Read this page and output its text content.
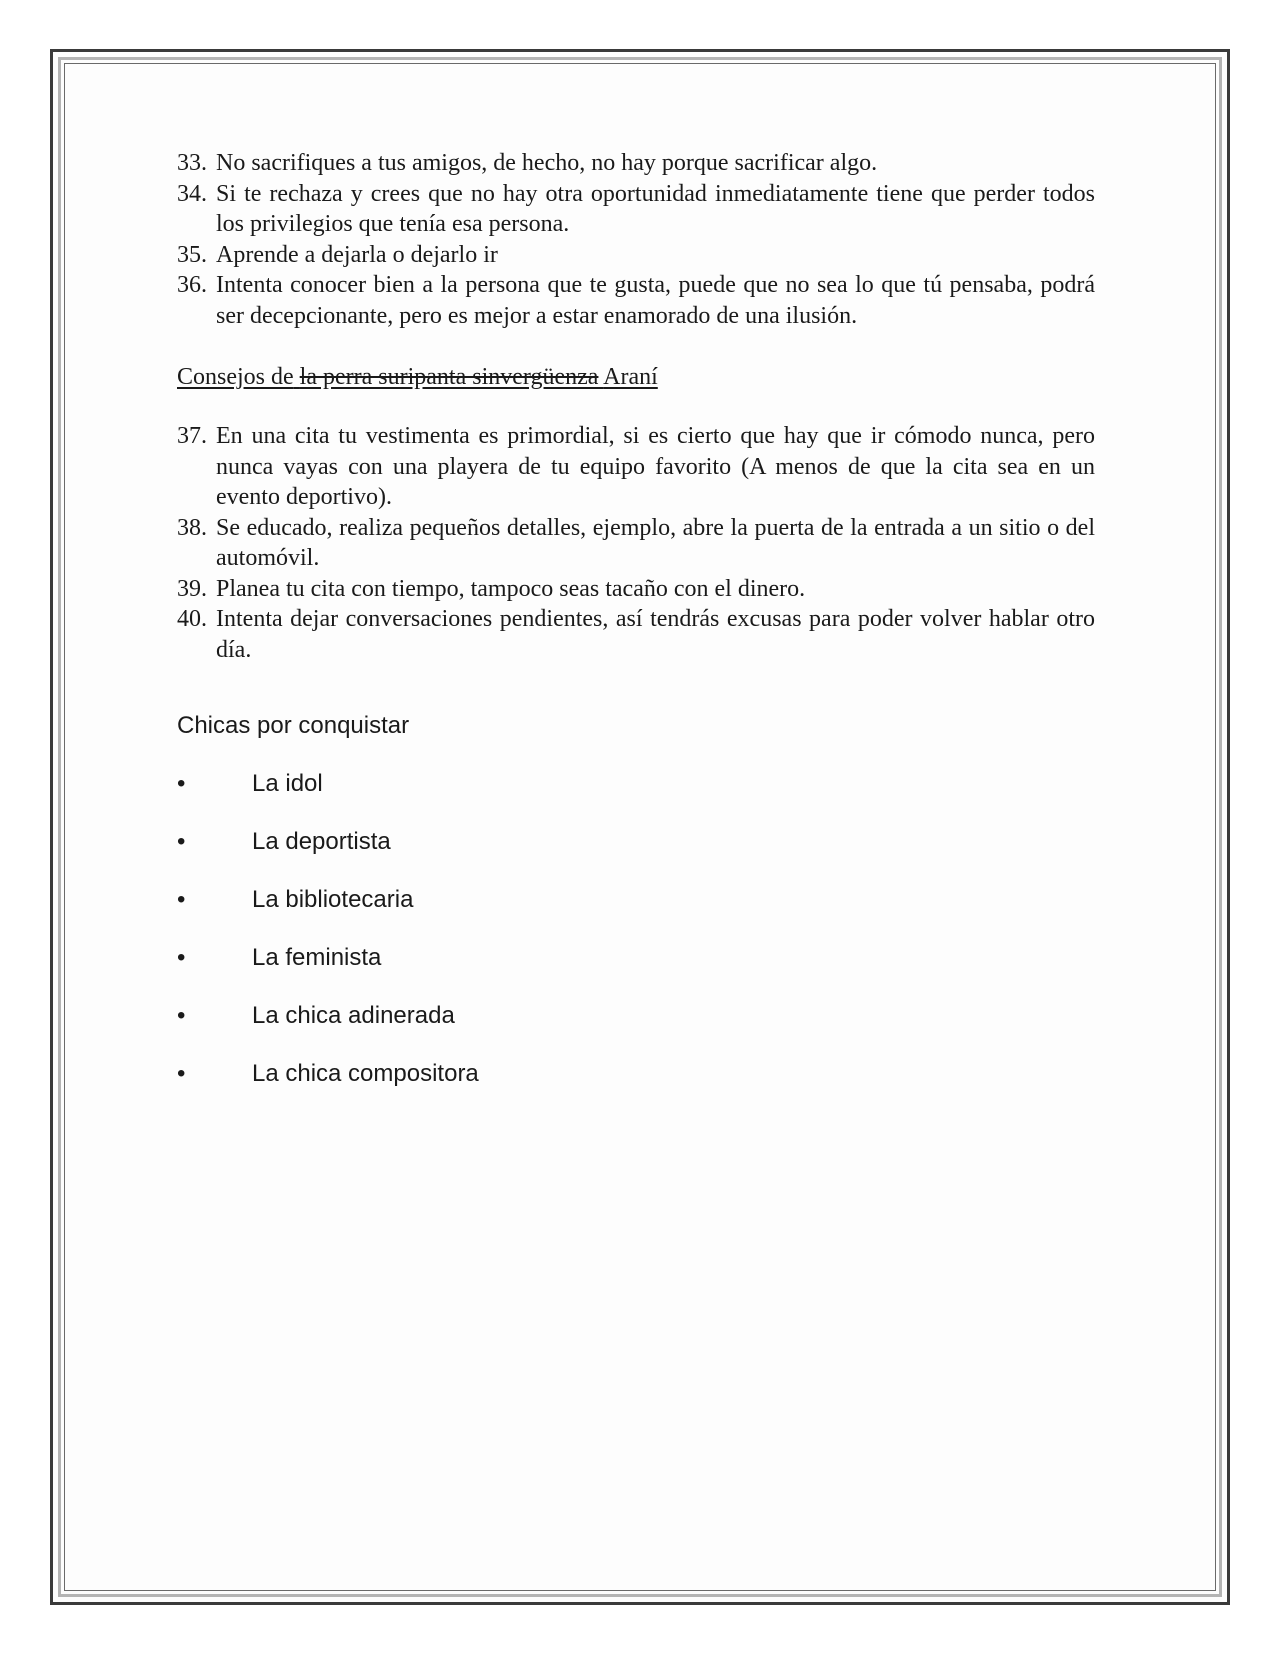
33. No sacrifiques a tus amigos, de hecho, no hay porque sacrificar algo.
34. Si te rechaza y crees que no hay otra oportunidad inmediatamente tiene que perder todos los privilegios que tenía esa persona.
35. Aprende a dejarla o dejarlo ir
36. Intenta conocer bien a la persona que te gusta, puede que no sea lo que tú pensaba, podrá ser decepcionante, pero es mejor a estar enamorado de una ilusión.
Consejos de la perra suripanta sinvergüenza Araní
37. En una cita tu vestimenta es primordial, si es cierto que hay que ir cómodo nunca, pero nunca vayas con una playera de tu equipo favorito (A menos de que la cita sea en un evento deportivo).
38. Se educado, realiza pequeños detalles, ejemplo, abre la puerta de la entrada a un sitio o del automóvil.
39. Planea tu cita con tiempo, tampoco seas tacaño con el dinero.
40. Intenta dejar conversaciones pendientes, así tendrás excusas para poder volver hablar otro día.
Chicas por conquistar
•	La idol
•	La deportista
•	La bibliotecaria
•	La feminista
•	La chica adinerada
•	La chica compositora
